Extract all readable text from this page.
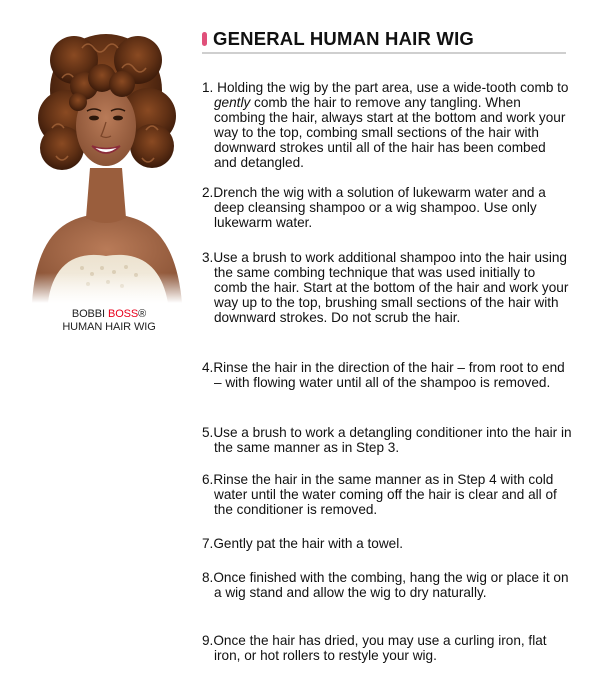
BOBBI BOSS®
HUMAN HAIR WIG
GENERAL HUMAN HAIR WIG
1. Holding the wig by the part area, use a wide-tooth comb to gently comb the hair to remove any tangling. When combing the hair, always start at the bottom and work your way to the top, combing small sections of the hair with downward strokes until all of the hair has been combed and detangled.
2.Drench the wig with a solution of lukewarm water and a deep cleansing shampoo or a wig shampoo. Use only lukewarm water.
3.Use a brush to work additional shampoo into the hair using the same combing technique that was used initially to comb the hair. Start at the bottom of the hair and work your way up to the top, brushing small sections of the hair with downward strokes. Do not scrub the hair.
4.Rinse the hair in the direction of the hair – from root to end – with flowing water until all of the shampoo is removed.
5.Use a brush to work a detangling conditioner into the hair in the same manner as in Step 3.
6.Rinse the hair in the same manner as in Step 4 with cold water until the water coming off the hair is clear and all of the conditioner is removed.
7.Gently pat the hair with a towel.
8.Once finished with the combing, hang the wig or place it on a wig stand and allow the wig to dry naturally.
9.Once the hair has dried, you may use a curling iron, flat iron, or hot rollers to restyle your wig.
